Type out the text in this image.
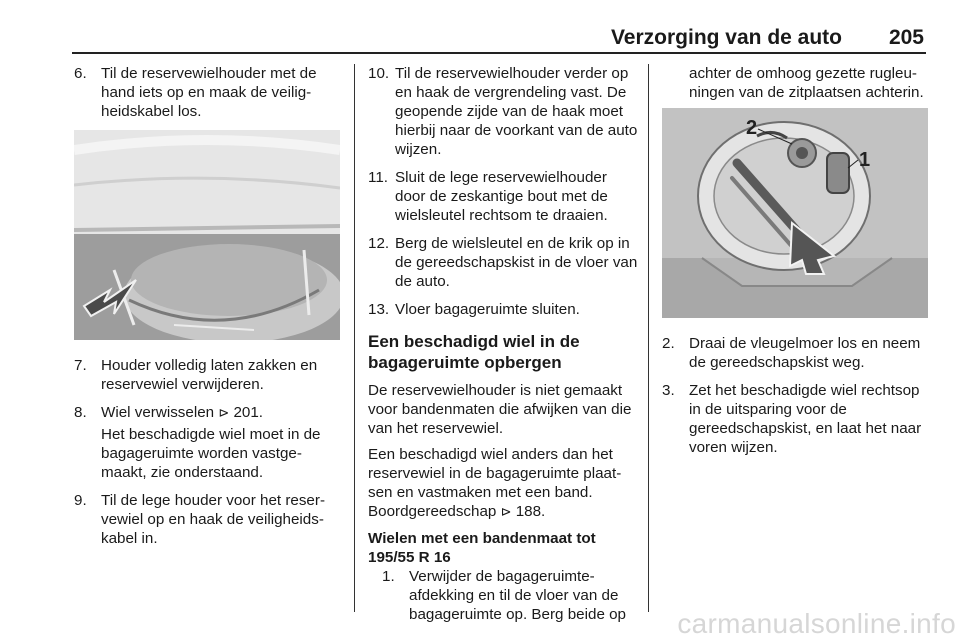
Verzorging van de auto	205
6. Til de reservewielhouder met de hand iets op en maak de veiligheidskabel los.
7. Houder volledig laten zakken en reservewiel verwijderen.
8. Wiel verwisselen ⊳ 201.
Het beschadigde wiel moet in de bagageruimte worden vastgemaakt, zie onderstaand.
9. Til de lege houder voor het reservewiel op en haak de veiligheidskabel in.
10. Til de reservewielhouder verder op en haak de vergrendeling vast. De geopende zijde van de haak moet hierbij naar de voorkant van de auto wijzen.
11. Sluit de lege reservewielhouder door de zeskantige bout met de wielsleutel rechtsom te draaien.
12. Berg de wielsleutel en de krik op in de gereedschapskist in de vloer van de auto.
13. Vloer bagageruimte sluiten.
Een beschadigd wiel in de bagageruimte opbergen

De reservewielhouder is niet gemaakt voor bandenmaten die afwijken van die van het reservewiel.

Een beschadigd wiel anders dan het reservewiel in de bagageruimte plaatsen en vastmaken met een band. Boordgereedschap ⊳ 188.

Wielen met een bandenmaat tot 195/55 R 16

1. Verwijder de bagageruimteafdekking en til de vloer van de bagageruimte op. Berg beide op
achter de omhoog gezette rugleuningen van de zitplaatsen achterin.
2
1
2. Draai de vleugelmoer los en neem de gereedschapskist weg.
3. Zet het beschadigde wiel rechtsop in de uitsparing voor de gereedschapskist, en laat het naar voren wijzen.
carmanualsonline.info
